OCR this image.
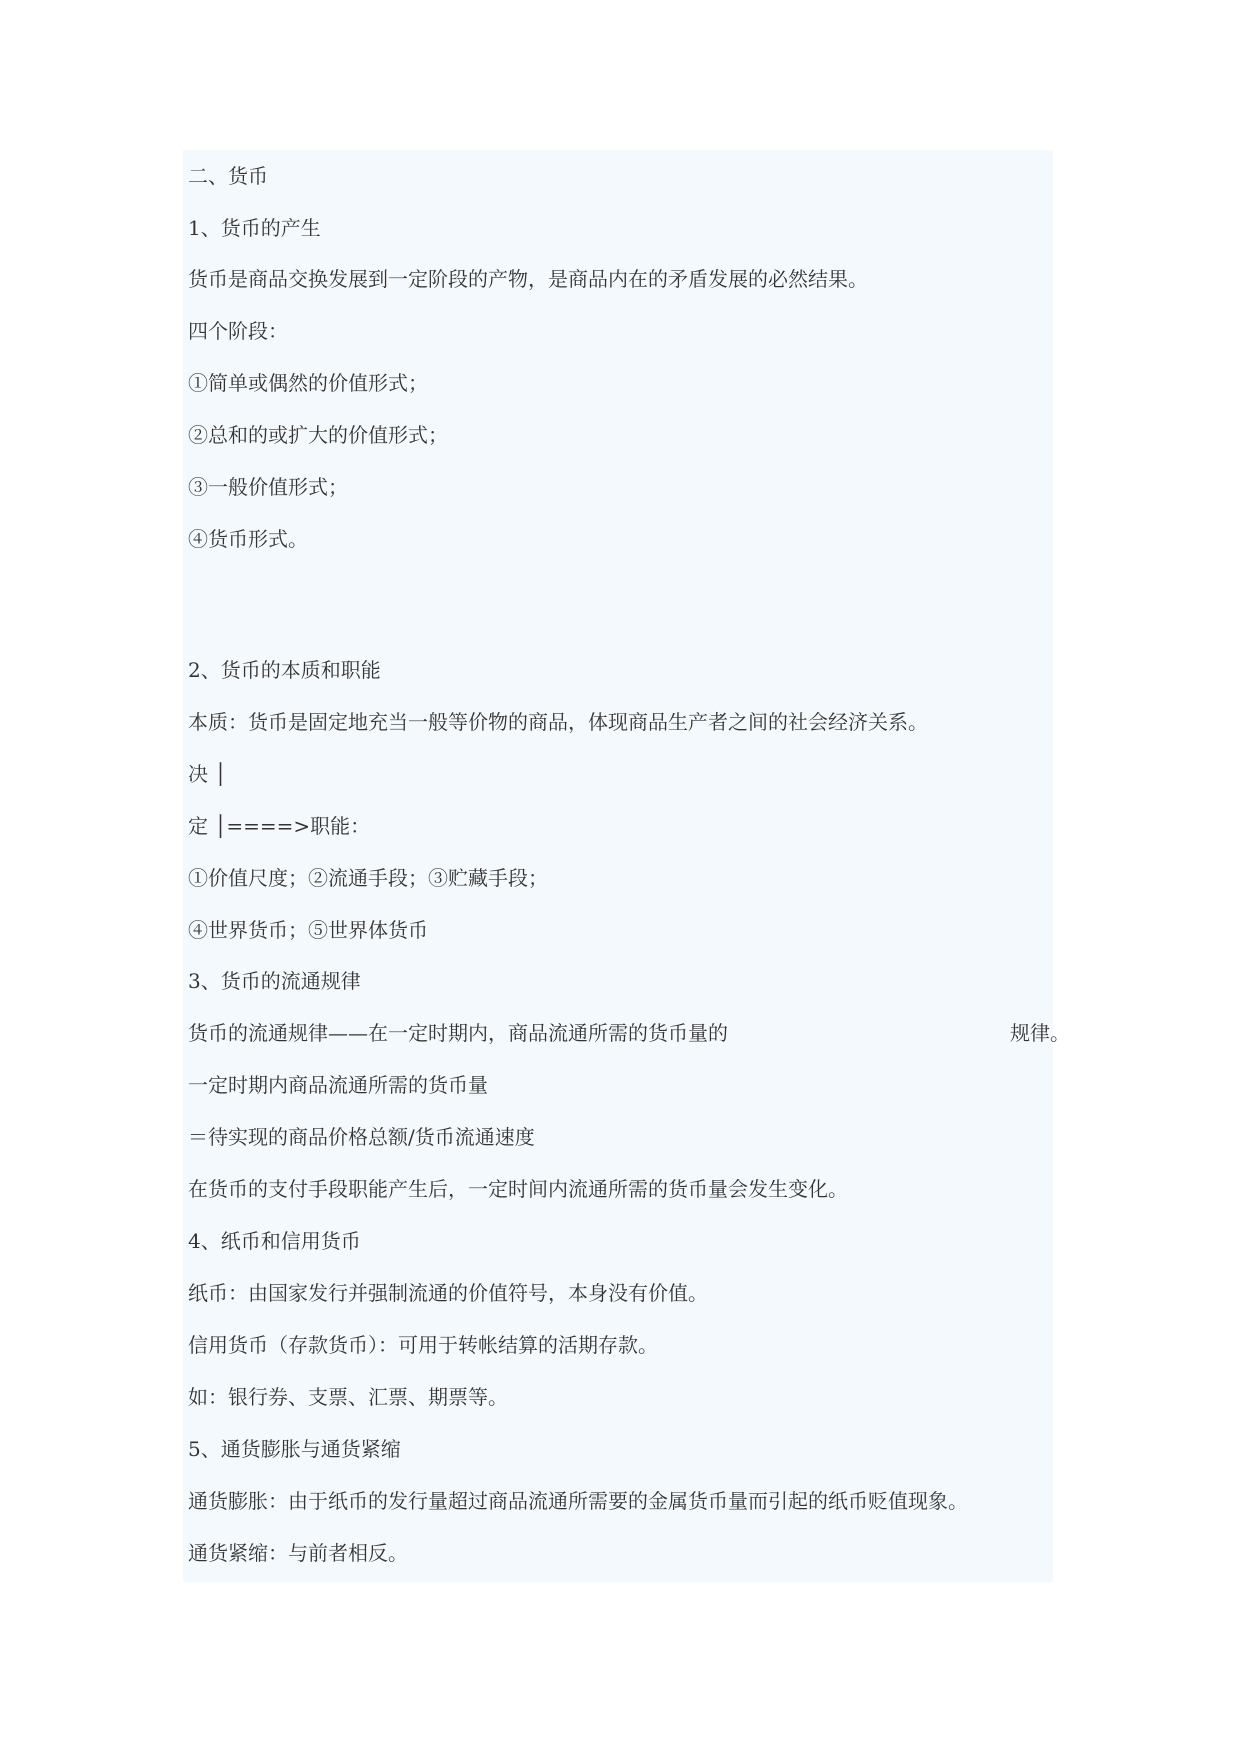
二、货币
1、货币的产生
货币是商品交换发展到一定阶段的产物，是商品内在的矛盾发展的必然结果。
四个阶段：
①简单或偶然的价值形式；
②总和的或扩大的价值形式；
③一般价值形式；
④货币形式。
2、货币的本质和职能
本质：货币是固定地充当一般等价物的商品，体现商品生产者之间的社会经济关系。
决 │
定 │====>职能：
①价值尺度；②流通手段；③贮藏手段；
④世界货币；⑤世界体货币
3、货币的流通规律
货币的流通规律——在一定时期内，商品流通所需的货币量的	规律。
一定时期内商品流通所需的货币量
＝待实现的商品价格总额/货币流通速度
在货币的支付手段职能产生后，一定时间内流通所需的货币量会发生变化。
4、纸币和信用货币
纸币：由国家发行并强制流通的价值符号，本身没有价值。
信用货币（存款货币）：可用于转帐结算的活期存款。
如：银行券、支票、汇票、期票等。
5、通货膨胀与通货紧缩
通货膨胀：由于纸币的发行量超过商品流通所需要的金属货币量而引起的纸币贬值现象。
通货紧缩：与前者相反。
